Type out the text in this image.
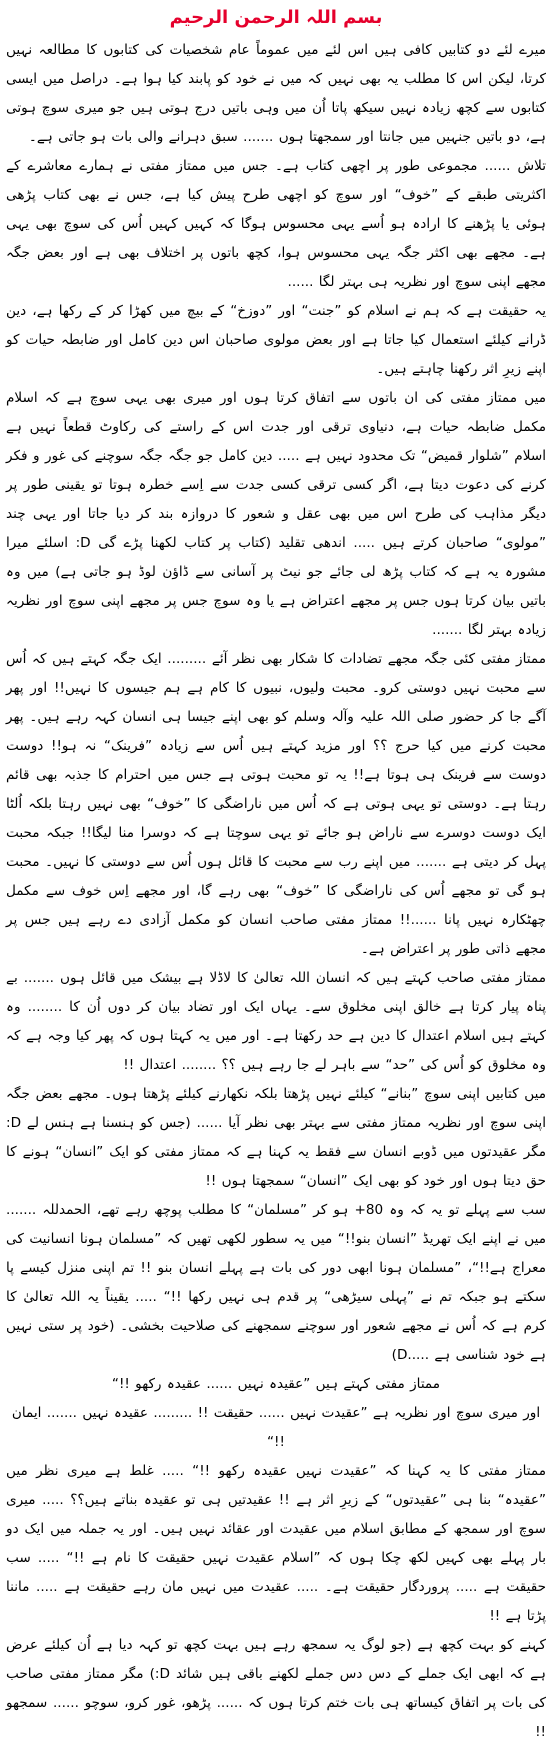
بسم اللہ الرحمن الرحیم

میرے لئے دو کتابیں کافی ہیں اس لئے میں عموماً عام شخصیات کی کتابوں کا مطالعہ نہیں کرتا، لیکن اس کا مطلب یہ بھی نہیں کہ میں نے خود کو پابند کیا ہوا ہے۔ دراصل میں ایسی کتابوں سے کچھ زیادہ نہیں سیکھ پاتا اُن میں وہی باتیں درج ہوتی ہیں جو میری سوچ ہوتی ہے، دو باتیں جنہیں میں جانتا اور سمجھتا ہوں ....... سبق دہرانے والی بات ہو جاتی ہے۔

تلاش ...... مجموعی طور پر اچھی کتاب ہے۔ جس میں ممتاز مفتی نے ہمارے معاشرے کے اکثریتی طبقے کے ”خوف“ اور سوچ کو اچھی طرح پیش کیا ہے، جس نے بھی کتاب پڑھی ہوئی یا پڑھنے کا ارادہ ہو اُسے یہی محسوس ہوگا کہ کہیں کہیں اُس کی سوچ بھی یہی ہے۔ مجھے بھی اکثر جگہ یہی محسوس ہوا، کچھ باتوں پر اختلاف بھی ہے اور بعض جگہ مجھے اپنی سوچ اور نظریہ ہی بہتر لگا ......

یہ حقیقت ہے کہ ہم نے اسلام کو ”جنت“ اور ”دوزخ“ کے بیچ میں کھڑا کر کے رکھا ہے، دین ڈرانے کیلئے استعمال کیا جاتا ہے اور بعض مولوی صاحبان اس دین کامل اور ضابطہ حیات کو اپنے زیرِ اثر رکھنا چاہتے ہیں۔

میں ممتاز مفتی کی ان باتوں سے اتفاق کرتا ہوں اور میری بھی یہی سوچ ہے کہ اسلام مکمل ضابطہ حیات ہے، دنیاوی ترقی اور جدت اس کے راستے کی رکاوٹ قطعاً نہیں ہے اسلام ”شلوار قمیض“ تک محدود نہیں ہے ..... دین کامل جو جگہ جگہ سوچنے کی غور و فکر کرنے کی دعوت دیتا ہے، اگر کسی ترقی کسی جدت سے اِسے خطرہ ہوتا تو یقینی طور پر دیگر مذاہب کی طرح اس میں بھی عقل و شعور کا دروازہ بند کر دیا جاتا اور یہی چند ”مولوی“ صاحبان کرتے ہیں ..... اندھی تقلید (کتاب پر کتاب لکھنا پڑے گی D: اسلئے میرا مشورہ یہ ہے کہ کتاب پڑھ لی جائے جو نیٹ پر آسانی سے ڈاؤن لوڈ ہو جاتی ہے) میں وہ باتیں بیان کرتا ہوں جس پر مجھے اعتراض ہے یا وہ سوچ جس پر مجھے اپنی سوچ اور نظریہ زیادہ بہتر لگا .......

ممتاز مفتی کئی جگہ مجھے تضادات کا شکار بھی نظر آئے ......... ایک جگہ کہتے ہیں کہ اُس سے محبت نہیں دوستی کرو۔ محبت ولیوں، نبیوں کا کام ہے ہم جیسوں کا نہیں!! اور پھر آگے جا کر حضور صلی اللہ علیہ وآلہ وسلم کو بھی اپنے جیسا ہی انسان کہہ رہے ہیں۔ پھر محبت کرنے میں کیا حرج ؟؟ اور مزید کہتے ہیں اُس سے زیادہ ”فرینک“ نہ ہو!! دوست دوست سے فرینک ہی ہوتا ہے!! یہ تو محبت ہوتی ہے جس میں احترام کا جذبہ بھی قائم رہتا ہے۔ دوستی تو یہی ہوتی ہے کہ اُس میں ناراضگی کا ”خوف“ بھی نہیں رہتا بلکہ اُلٹا ایک دوست دوسرے سے ناراض ہو جائے تو یہی سوچتا ہے کہ دوسرا منا لیگا!! جبکہ محبت پہل کر دیتی ہے ....... میں اپنے رب سے محبت کا قائل ہوں اُس سے دوستی کا نہیں۔ محبت ہو گی تو مجھے اُس کی ناراضگی کا ”خوف“ بھی رہے گا، اور مجھے اِس خوف سے مکمل چھٹکارہ نہیں پانا ......!! ممتاز مفتی صاحب انسان کو مکمل آزادی دے رہے ہیں جس پر مجھے ذاتی طور پر اعتراض ہے۔

ممتاز مفتی صاحب کہتے ہیں کہ انسان اللہ تعالیٰ کا لاڈلا ہے بیشک میں قائل ہوں ....... بے پناہ پیار کرتا ہے خالق اپنی مخلوق سے۔ یہاں ایک اور تضاد بیان کر دوں اُن کا ........ وہ کہتے ہیں اسلام اعتدال کا دین ہے حد رکھتا ہے۔ اور میں یہ کہتا ہوں کہ پھر کیا وجہ ہے کہ وہ مخلوق کو اُس کی ”حد“ سے باہر لے جا رہے ہیں ؟؟ ........ اعتدال !!

میں کتابیں اپنی سوچ ”بنانے“ کیلئے نہیں پڑھتا بلکہ نکھارنے کیلئے پڑھتا ہوں۔ مجھے بعض جگہ اپنی سوچ اور نظریہ ممتاز مفتی سے بہتر بھی نظر آیا ...... (جس کو ہنسنا ہے ہنس لے D: مگر عقیدتوں میں ڈوبے انسان سے فقط یہ کہنا ہے کہ ممتاز مفتی کو ایک ”انسان“ ہونے کا حق دیتا ہوں اور خود کو بھی ایک ”انسان“ سمجھتا ہوں !!

سب سے پہلے تو یہ کہ وہ 80+ ہو کر ”مسلمان“ کا مطلب پوچھ رہے تھے، الحمدللہ ....... میں نے اپنے ایک تھریڈ ”انسان بنو!!“ میں یہ سطور لکھی تھیں کہ ”مسلمان ہونا انسانیت کی معراج ہے!!“، ”مسلمان ہونا ابھی دور کی بات ہے پہلے انسان بنو !! تم اپنی منزل کیسے پا سکتے ہو جبکہ تم نے ”پہلی سیڑھی“ پر قدم ہی نہیں رکھا !!“ ..... یقیناً یہ اللہ تعالیٰ کا کرم ہے کہ اُس نے مجھے شعور اور سوچنے سمجھنے کی صلاحیت بخشی۔ (خود پر ستی نہیں ہے خود شناسی ہے .....D)

ممتاز مفتی کہتے ہیں ”عقیدہ نہیں ...... عقیدہ رکھو !!“

اور میری سوچ اور نظریہ ہے ”عقیدت نہیں ...... حقیقت !! ......... عقیدہ نہیں ....... ایمان !!“

ممتاز مفتی کا یہ کہنا کہ ”عقیدت نہیں عقیدہ رکھو !!“ ..... غلط ہے میری نظر میں ”عقیدہ“ بنا ہی ”عقیدتوں“ کے زیرِ اثر ہے !! عقیدتیں ہی تو عقیدہ بناتے ہیں؟؟ ..... میری سوچ اور سمجھ کے مطابق اسلام میں عقیدت اور عقائد نہیں ہیں۔ اور یہ جملہ میں ایک دو بار پہلے بھی کہیں لکھ چکا ہوں کہ ”اسلام عقیدت نہیں حقیقت کا نام ہے !!“ ..... سب حقیقت ہے ..... پروردگار حقیقت ہے۔ ..... عقیدت میں نہیں مان رہے حقیقت ہے ..... ماننا پڑتا ہے !!

کہنے کو بہت کچھ ہے (جو لوگ یہ سمجھ رہے ہیں بہت کچھ تو کہہ دیا ہے اُن کیلئے عرض ہے کہ ابھی ایک جملے کے دس دس جملے لکھنے باقی ہیں شائد D:) مگر ممتاز مفتی صاحب کی بات پر اتفاق کیساتھ ہی بات ختم کرتا ہوں کہ ...... پڑھو، غور کرو، سوچو ...... سمجھو !!
